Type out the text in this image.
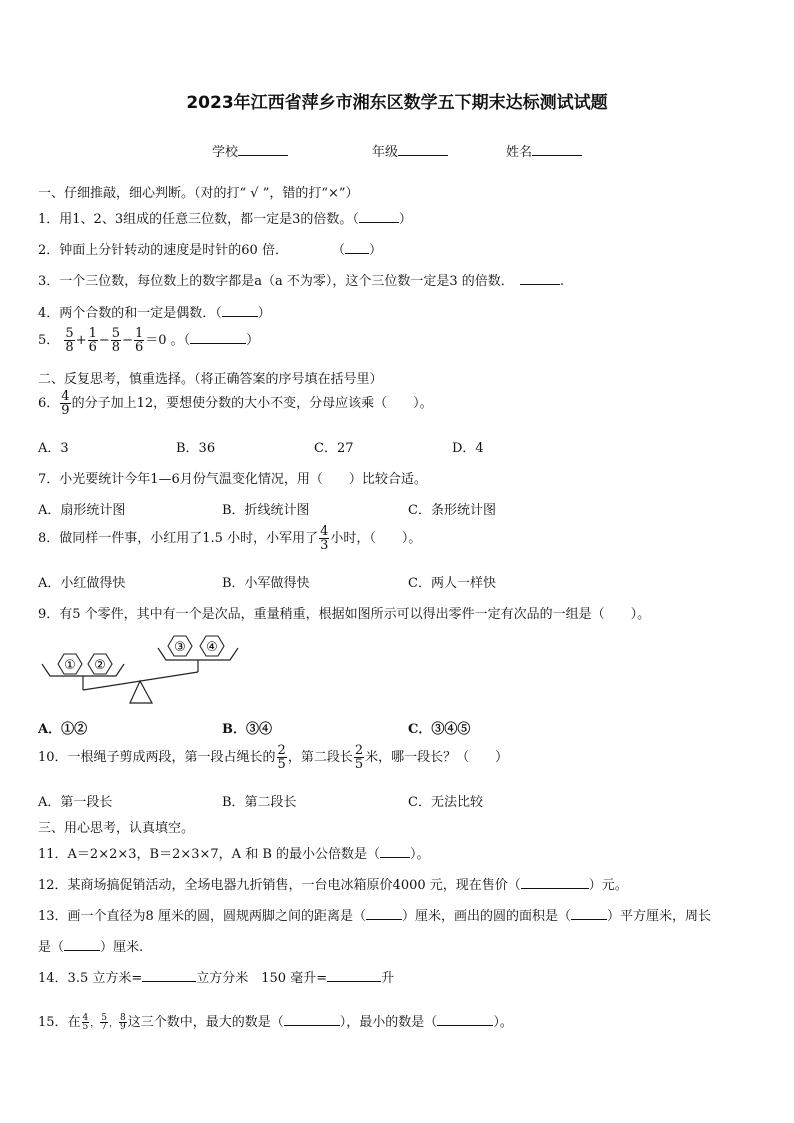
2023年江西省萍乡市湘东区数学五下期末达标测试试题
学校	年级	姓名
一、仔细推敲，细心判断。（对的打“ √ ”，错的打“×”）
1．用1、2、3组成的任意三位数，都一定是3的倍数。（	）
2．钟面上分针转动的速度是时针的60 倍．	（ ）
3．一个三位数，每位数上的数字都是a（a 不为零），这个三位数一定是3 的倍数．	.
4．两个合数的和一定是偶数．（	）
5． $\frac{5}{8} + \frac{1}{6} - \frac{5}{8} - \frac{1}{6} =0$ 。（	）
二、反复思考，慎重选择。（将正确答案的序号填在括号里）
6． $\frac{4}{9}$ 的分子加上12，要想使分数的大小不变，分母应该乘（　　）。
A．3	B．36	C．27	D．4
7．小光要统计今年1—6月份气温变化情况，用（　　）比较合适。
A．扇形统计图	B．折线统计图	C．条形统计图
8．做同样一件事，小红用了1.5 小时，小军用了 $\frac{4}{3}$ 小时，（　　）。
A．小红做得快	B．小军做得快	C．两人一样快
9．有5 个零件，其中有一个是次品，重量稍重，根据如图所示可以得出零件一定有次品的一组是（　　）。
① ②
③ ④
A．①②	B．③④	C．③④⑤
10．一根绳子剪成两段，第一段占绳长的 $\frac{2}{5}$ ，第二段长 $\frac{2}{5}$ 米，哪一段长？（　　）
A．第一段长	B．第二段长	C．无法比较
三、用心思考，认真填空。
11．A＝2×2×3，B＝2×3×7，A 和 B 的最小公倍数是（ ）。
12．某商场搞促销活动，全场电器九折销售，一台电冰箱原价4000 元，现在售价（	）元。
13．画一个直径为8 厘米的圆，圆规两脚之间的距离是（	）厘米，画出的圆的面积是（	）平方厘米，周长
是（	）厘米.
14．3.5 立方米=	立方分米　150 毫升=	升
15．在 $\frac{4}{5}$ ， $\frac{5}{7}$ ， $\frac{8}{9}$ 这三个数中，最大的数是（	），最小的数是（	）。
